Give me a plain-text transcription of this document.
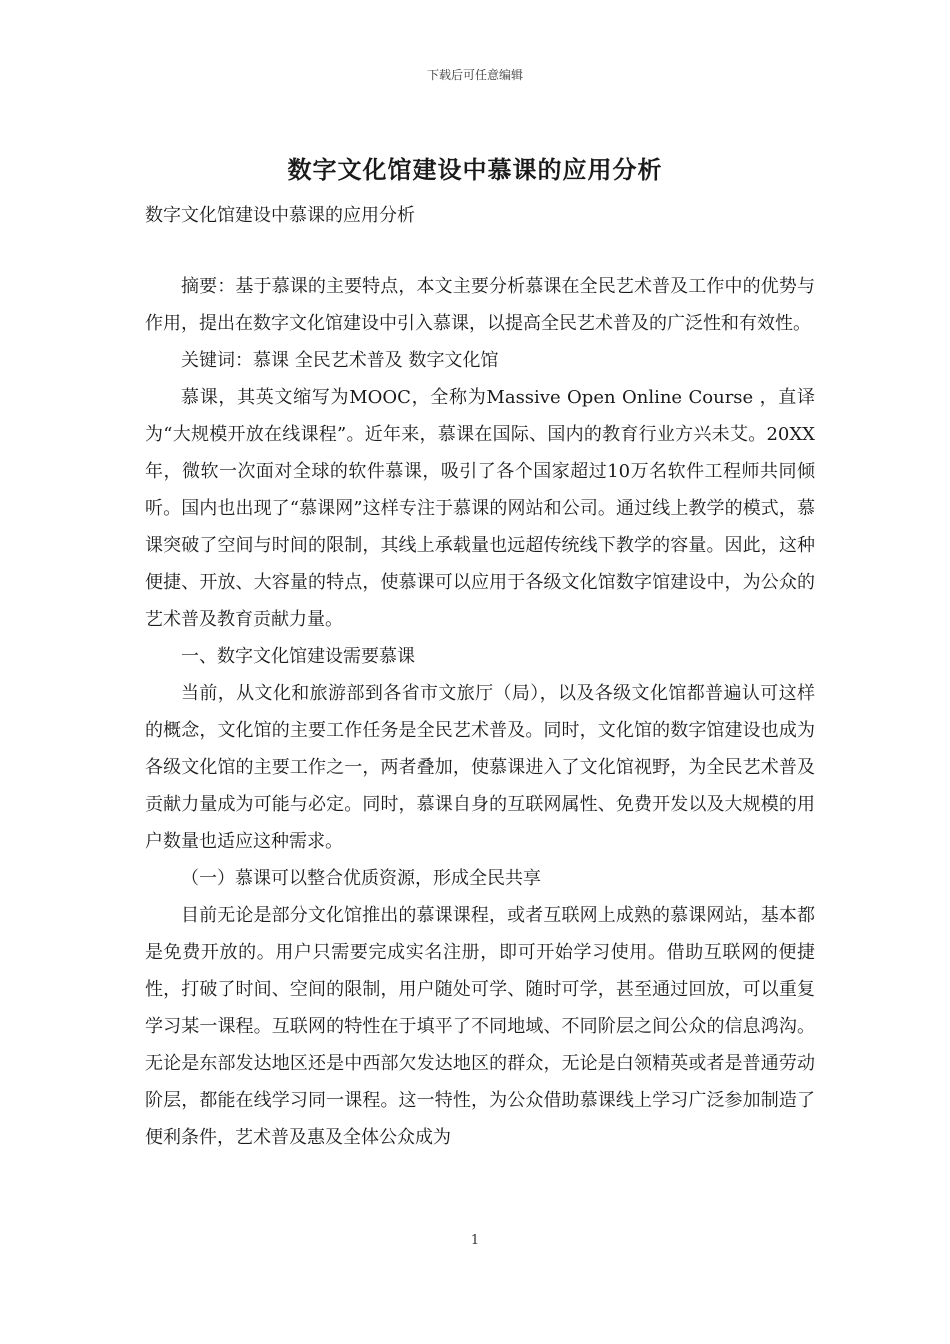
下载后可任意编辑
数字文化馆建设中慕课的应用分析
数字文化馆建设中慕课的应用分析

摘要：基于慕课的主要特点，本文主要分析慕课在全民艺术普及工作中的优势与作用，提出在数字文化馆建设中引入慕课，以提高全民艺术普及的广泛性和有效性。

关键词：慕课 全民艺术普及 数字文化馆

慕课，其英文缩写为MOOC，全称为Massive Open Online Course ，直译为“大规模开放在线课程”。近年来，慕课在国际、国内的教育行业方兴未艾。20XX年，微软一次面对全球的软件慕课，吸引了各个国家超过10万名软件工程师共同倾听。国内也出现了“慕课网”这样专注于慕课的网站和公司。通过线上教学的模式，慕课突破了空间与时间的限制，其线上承载量也远超传统线下教学的容量。因此，这种便捷、开放、大容量的特点，使慕课可以应用于各级文化馆数字馆建设中，为公众的艺术普及教育贡献力量。

一、数字文化馆建设需要慕课

当前，从文化和旅游部到各省市文旅厅（局），以及各级文化馆都普遍认可这样的概念，文化馆的主要工作任务是全民艺术普及。同时，文化馆的数字馆建设也成为各级文化馆的主要工作之一，两者叠加，使慕课进入了文化馆视野，为全民艺术普及贡献力量成为可能与必定。同时，慕课自身的互联网属性、免费开发以及大规模的用户数量也适应这种需求。

（一）慕课可以整合优质资源，形成全民共享

目前无论是部分文化馆推出的慕课课程，或者互联网上成熟的慕课网站，基本都是免费开放的。用户只需要完成实名注册，即可开始学习使用。借助互联网的便捷性，打破了时间、空间的限制，用户随处可学、随时可学，甚至通过回放，可以重复学习某一课程。互联网的特性在于填平了不同地域、不同阶层之间公众的信息鸿沟。无论是东部发达地区还是中西部欠发达地区的群众，无论是白领精英或者是普通劳动阶层，都能在线学习同一课程。这一特性，为公众借助慕课线上学习广泛参加制造了便利条件，艺术普及惠及全体公众成为

1
